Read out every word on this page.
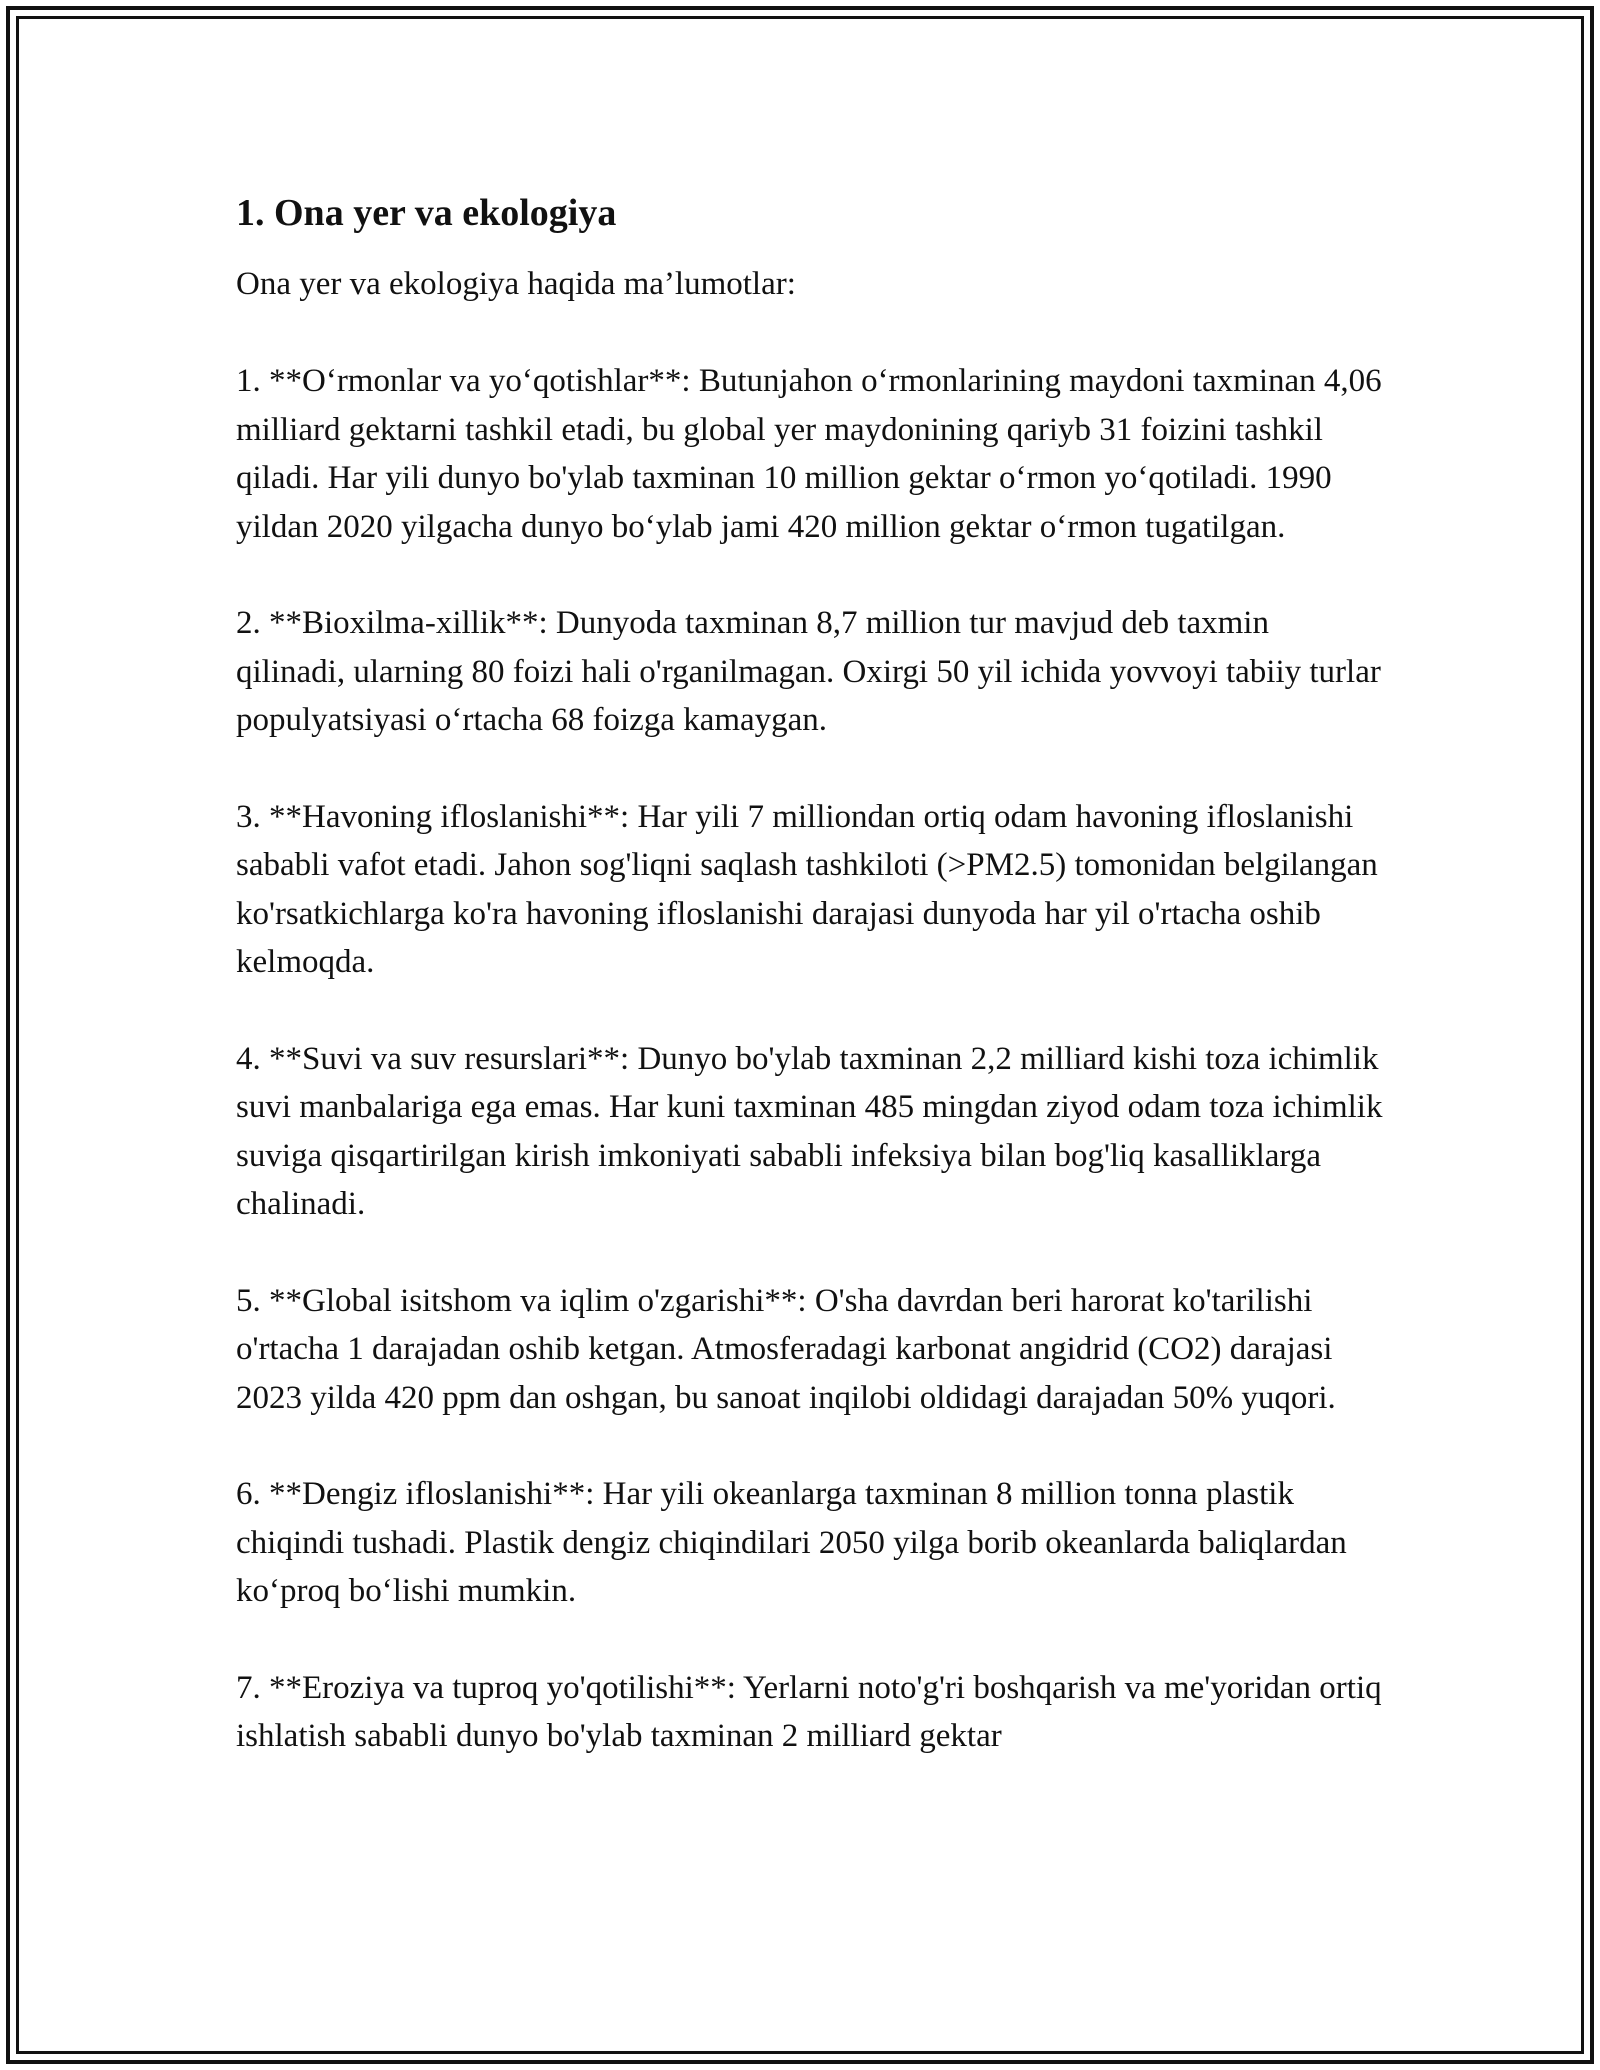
1. Ona yer va ekologiya

Ona yer va ekologiya haqida ma’lumotlar:

1. **O‘rmonlar va yo‘qotishlar**: Butunjahon o‘rmonlarining maydoni taxminan 4,06 milliard gektarni tashkil etadi, bu global yer maydonining qariyb 31 foizini tashkil qiladi. Har yili dunyo bo'ylab taxminan 10 million gektar o‘rmon yo‘qotiladi. 1990 yildan 2020 yilgacha dunyo bo‘ylab jami 420 million gektar o‘rmon tugatilgan.

2. **Bioxilma-xillik**: Dunyoda taxminan 8,7 million tur mavjud deb taxmin qilinadi, ularning 80 foizi hali o'rganilmagan. Oxirgi 50 yil ichida yovvoyi tabiiy turlar populyatsiyasi o‘rtacha 68 foizga kamaygan.

3. **Havoning ifloslanishi**: Har yili 7 milliondan ortiq odam havoning ifloslanishi sababli vafot etadi. Jahon sog'liqni saqlash tashkiloti (>PM2.5) tomonidan belgilangan ko'rsatkichlarga ko'ra havoning ifloslanishi darajasi dunyoda har yil o'rtacha oshib kelmoqda.

4. **Suvi va suv resurslari**: Dunyo bo'ylab taxminan 2,2 milliard kishi toza ichimlik suvi manbalariga ega emas. Har kuni taxminan 485 mingdan ziyod odam toza ichimlik suviga qisqartirilgan kirish imkoniyati sababli infeksiya bilan bog'liq kasalliklarga chalinadi.

5. **Global isitshom va iqlim o'zgarishi**: O'sha davrdan beri harorat ko'tarilishi o'rtacha 1 darajadan oshib ketgan. Atmosferadagi karbonat angidrid (CO2) darajasi 2023 yilda 420 ppm dan oshgan, bu sanoat inqilobi oldidagi darajadan 50% yuqori.

6. **Dengiz ifloslanishi**: Har yili okeanlarga taxminan 8 million tonna plastik chiqindi tushadi. Plastik dengiz chiqindilari 2050 yilga borib okeanlarda baliqlardan ko‘proq bo‘lishi mumkin.

7. **Eroziya va tuproq yo'qotilishi**: Yerlarni noto'g'ri boshqarish va me'yoridan ortiq ishlatish sababli dunyo bo'ylab taxminan 2 milliard gektar
